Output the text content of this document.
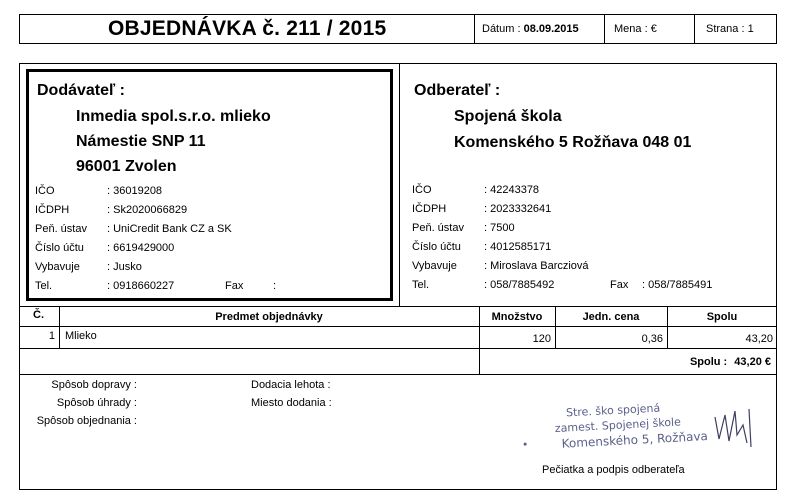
OBJEDNÁVKA č. 211 / 2015	Dátum : 08.09.2015	Mena : €	Strana : 1
Dodávateľ :
Inmedia spol.s.r.o. mlieko
Námestie SNP 11
96001 Zvolen
IČO	: 36019208
IČDPH	: Sk2020066829
Peň. ústav : UniCredit Bank CZ a SK
Číslo účtu : 6619429000
Vybavuje : Jusko
Tel.	: 0918660227	Fax	:
Odberateľ :
Spojená škola
Komenského 5 Rožňava 048 01
IČO	: 42243378
IČDPH	: 2023332641
Peň. ústav : 7500
Číslo účtu : 4012585171
Vybavuje : Miroslava Barcziová
Tel.	: 058/7885492	Fax : 058/7885491
Č.	Predmet objednávky	Množstvo	Jedn. cena	Spolu
1 Mlieko	120	0,36	43,20
Spolu : 43,20 €
Spôsob dopravy :
Spôsob úhrady :
Spôsob objednania :
Dodacia lehota :
Miesto dodania :	Stre. ško spojená
zamest. Spojenej škole
Komenského 5, Rožňava
Pečiatka a podpis odberateľa
